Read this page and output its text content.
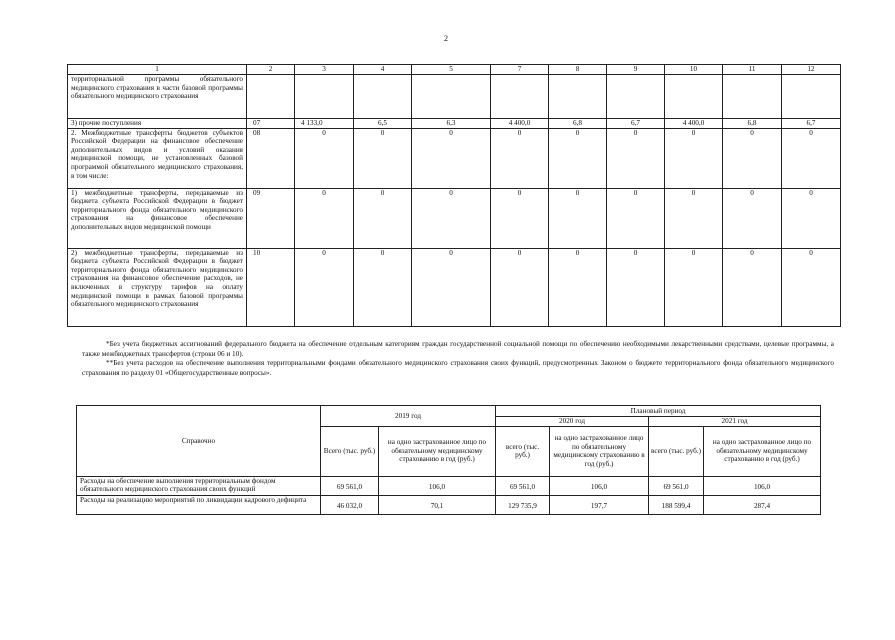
2
1	2	3	4	5	7	8	9	10	11	12
территориальной программы обязательного медицинского страхования в части базовой программы обязательного медицинского страхования										
3) прочие поступления	07	4 133,0	6,5	6,3	4 400,0	6,8	6,7	4 400,0	6,8	6,7
2. Межбюджетные трансферты бюджетов субъектов Российской Федерации на финансовое обеспечение дополнительных видов и условий оказания медицинской помощи, не установленных базовой программой обязательного медицинского страхования, в том числе:	08	0	0	0	0	0	0	0	0	0
1) межбюджетные трансферты, передаваемые из бюджета субъекта Российской Федерации в бюджет территориального фонда обязательного медицинского страхования на финансовое обеспечение дополнительных видов медицинской помощи	09	0	0	0	0	0	0	0	0	0
2) межбюджетные трансферты, передаваемые из бюджета субъекта Российской Федерации в бюджет территориального фонда обязательного медицинского страхования на финансовое обеспечение расходов, не включенных в структуру тарифов на оплату медицинской помощи в рамках базовой программы обязательного медицинского страхования	10	0	0	0	0	0	0	0	0	0

*Без учета бюджетных ассигнований федерального бюджета на обеспечение отдельным категориям граждан государственной социальной помощи по обеспечению необходимыми лекарственными средствами, целевые программы, а также межбюджетных трансфертов (строки 06 и 10).

**Без учета расходов на обеспечение выполнения территориальными фондами обязательного медицинского страхования своих функций, предусмотренных Законом о бюджете территориального фонда обязательного медицинского страхования по разделу 01 «Общегосударственные вопросы».

Справочно	2019 год		Плановый период			
			2020 год		2021 год	
	Всего (тыс. руб.)	на одно застрахованное лицо по обязательному медицинскому страхованию в год (руб.)	всего (тыс. руб.)	на одно застрахованное лицо по обязательному медицинскому страхованию в год (руб.)	всего (тыс. руб.)	на одно застрахованное лицо по обязательному медицинскому страхованию в год (руб.)
Расходы на обеспечение выполнения территориальным фондом обязательного медицинского страхования своих функций	69 561,0	106,0	69 561,0	106,0	69 561,0	106,0
Расходы на реализацию мероприятий по ликвидации кадрового дефицита	46 032,0	70,1	129 735,9	197,7	188 599,4	287,4
